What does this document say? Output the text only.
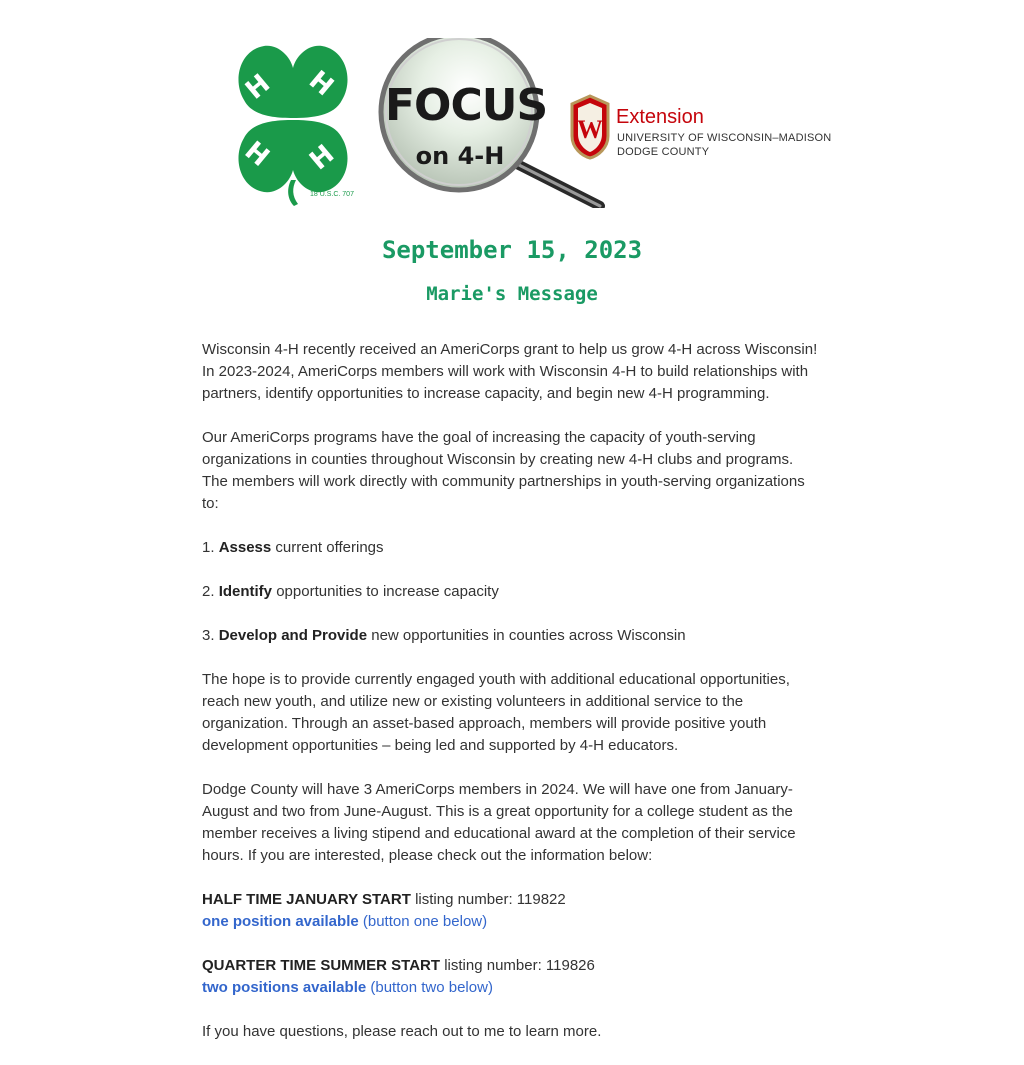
H H
H H
18 U.S.C. 707
FOCUS
on 4-H
W Extension
UNIVERSITY OF WISCONSIN–MADISON
DODGE COUNTY
September 15, 2023
Marie's Message

Wisconsin 4-H recently received an AmeriCorps grant to help us grow 4-H across Wisconsin! In 2023-2024, AmeriCorps members will work with Wisconsin 4-H to build relationships with partners, identify opportunities to increase capacity, and begin new 4-H programming.

Our AmeriCorps programs have the goal of increasing the capacity of youth-serving organizations in counties throughout Wisconsin by creating new 4-H clubs and programs. The members will work directly with community partnerships in youth-serving organizations to:

1. Assess current offerings

2. Identify opportunities to increase capacity

3. Develop and Provide new opportunities in counties across Wisconsin

The hope is to provide currently engaged youth with additional educational opportunities, reach new youth, and utilize new or existing volunteers in additional service to the organization. Through an asset-based approach, members will provide positive youth development opportunities – being led and supported by 4-H educators.

Dodge County will have 3 AmeriCorps members in 2024. We will have one from January-August and two from June-August. This is a great opportunity for a college student as the member receives a living stipend and educational award at the completion of their service hours. If you are interested, please check out the information below:

HALF TIME JANUARY START listing number: 119822
one position available (button one below)

QUARTER TIME SUMMER START listing number: 119826
two positions available (button two below)

If you have questions, please reach out to me to learn more.
